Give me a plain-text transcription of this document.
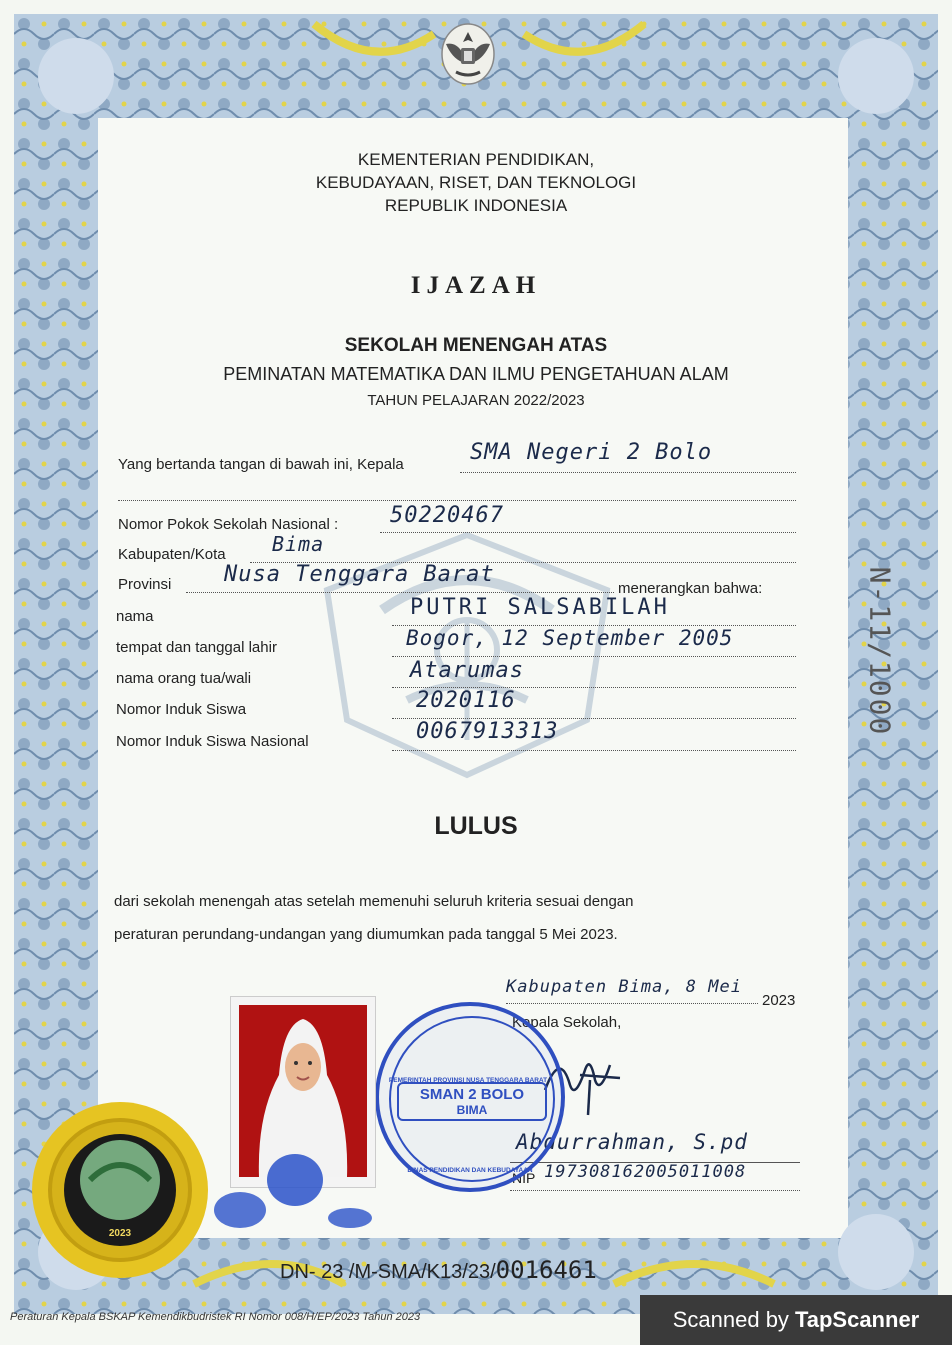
KEMENTERIAN PENDIDIKAN,
KEBUDAYAAN, RISET, DAN TEKNOLOGI
REPUBLIK INDONESIA
IJAZAH
SEKOLAH MENENGAH ATAS
PEMINATAN MATEMATIKA DAN ILMU PENGETAHUAN ALAM
TAHUN PELAJARAN 2022/2023
Yang bertanda tangan di bawah ini, Kepala	SMA Negeri 2 Bolo
Nomor Pokok Sekolah Nasional : 50220467
Kabupaten/Kota Bima
Provinsi Nusa Tenggara Barat
menerangkan bahwa:
nama	PUTRI SALSABILAH
tempat dan tanggal lahir	Bogor, 12 September 2005
nama orang tua/wali	Atarumas
Nomor Induk Siswa	2020116
Nomor Induk Siswa Nasional	0067913313
LULUS
dari sekolah menengah atas setelah memenuhi seluruh kriteria sesuai dengan
peraturan perundang-undangan yang diumumkan pada tanggal 5 Mei 2023.
Kabupaten Bima, 8 Mei
2023
Kepala Sekolah,
Abdurrahman, S.pd
NIP 197308162005011008
SMAN 2 BOLO
BIMA
PEMERINTAH PROVINSI NUSA TENGGARA BARAT · DINAS PENDIDIKAN DAN KEBUDAYAAN
2023
DN- 23 /M-SMA/K13/23/0016461
N-11/1000
Peraturan Kepala BSKAP Kemendikbudristek RI Nomor 008/H/EP/2023 Tahun 2023	Scanned by TapScanner
